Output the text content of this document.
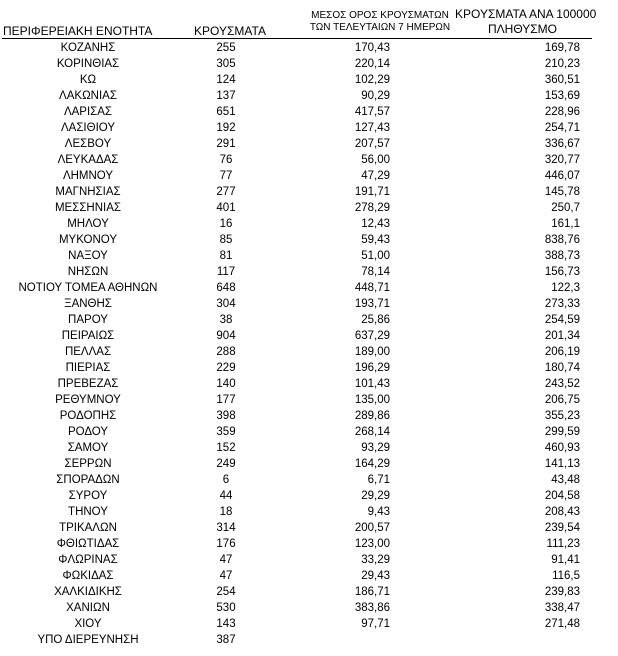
ΠΕΡΙΦΕΡΕΙΑΚΗ ΕΝΟΤΗΤΑ	ΚΡΟΥΣΜΑΤΑ
ΜΕΣΟΣ ΟΡΟΣ ΚΡΟΥΣΜΑΤΩΝ
ΤΩΝ ΤΕΛΕΥΤΑΙΩΝ 7 ΗΜΕΡΩΝ
ΚΡΟΥΣΜΑΤΑ ΑΝΑ 100000
ΠΛΗΘΥΣΜΟ
ΚΟΖΑΝΗΣ	255	170,43	169,78
ΚΟΡΙΝΘΙΑΣ	305	220,14	210,23
ΚΩ	124	102,29	360,51
ΛΑΚΩΝΙΑΣ	137	90,29	153,69
ΛΑΡΙΣΑΣ	651	417,57	228,96
ΛΑΣΙΘΙΟΥ	192	127,43	254,71
ΛΕΣΒΟΥ	291	207,57	336,67
ΛΕΥΚΑΔΑΣ	76	56,00	320,77
ΛΗΜΝΟΥ	77	47,29	446,07
ΜΑΓΝΗΣΙΑΣ	277	191,71	145,78
ΜΕΣΣΗΝΙΑΣ	401	278,29	250,7
ΜΗΛΟΥ	16	12,43	161,1
ΜΥΚΟΝΟΥ	85	59,43	838,76
ΝΑΞΟΥ	81	51,00	388,73
ΝΗΣΩΝ	117	78,14	156,73
ΝΟΤΙΟΥ ΤΟΜΕΑ ΑΘΗΝΩΝ	648	448,71	122,3
ΞΑΝΘΗΣ	304	193,71	273,33
ΠΑΡΟΥ	38	25,86	254,59
ΠΕΙΡΑΙΩΣ	904	637,29	201,34
ΠΕΛΛΑΣ	288	189,00	206,19
ΠΙΕΡΙΑΣ	229	196,29	180,74
ΠΡΕΒΕΖΑΣ	140	101,43	243,52
ΡΕΘΥΜΝΟΥ	177	135,00	206,75
ΡΟΔΟΠΗΣ	398	289,86	355,23
ΡΟΔΟΥ	359	268,14	299,59
ΣΑΜΟΥ	152	93,29	460,93
ΣΕΡΡΩΝ	249	164,29	141,13
ΣΠΟΡΑΔΩΝ	6	6,71	43,48
ΣΥΡΟΥ	44	29,29	204,58
ΤΗΝΟΥ	18	9,43	208,43
ΤΡΙΚΑΛΩΝ	314	200,57	239,54
ΦΘΙΩΤΙΔΑΣ	176	123,00	111,23
ΦΛΩΡΙΝΑΣ	47	33,29	91,41
ΦΩΚΙΔΑΣ	47	29,43	116,5
ΧΑΛΚΙΔΙΚΗΣ	254	186,71	239,83
ΧΑΝΙΩΝ	530	383,86	338,47
ΧΙΟΥ	143	97,71	271,48
ΥΠΟ ΔΙΕΡΕΥΝΗΣΗ	387
